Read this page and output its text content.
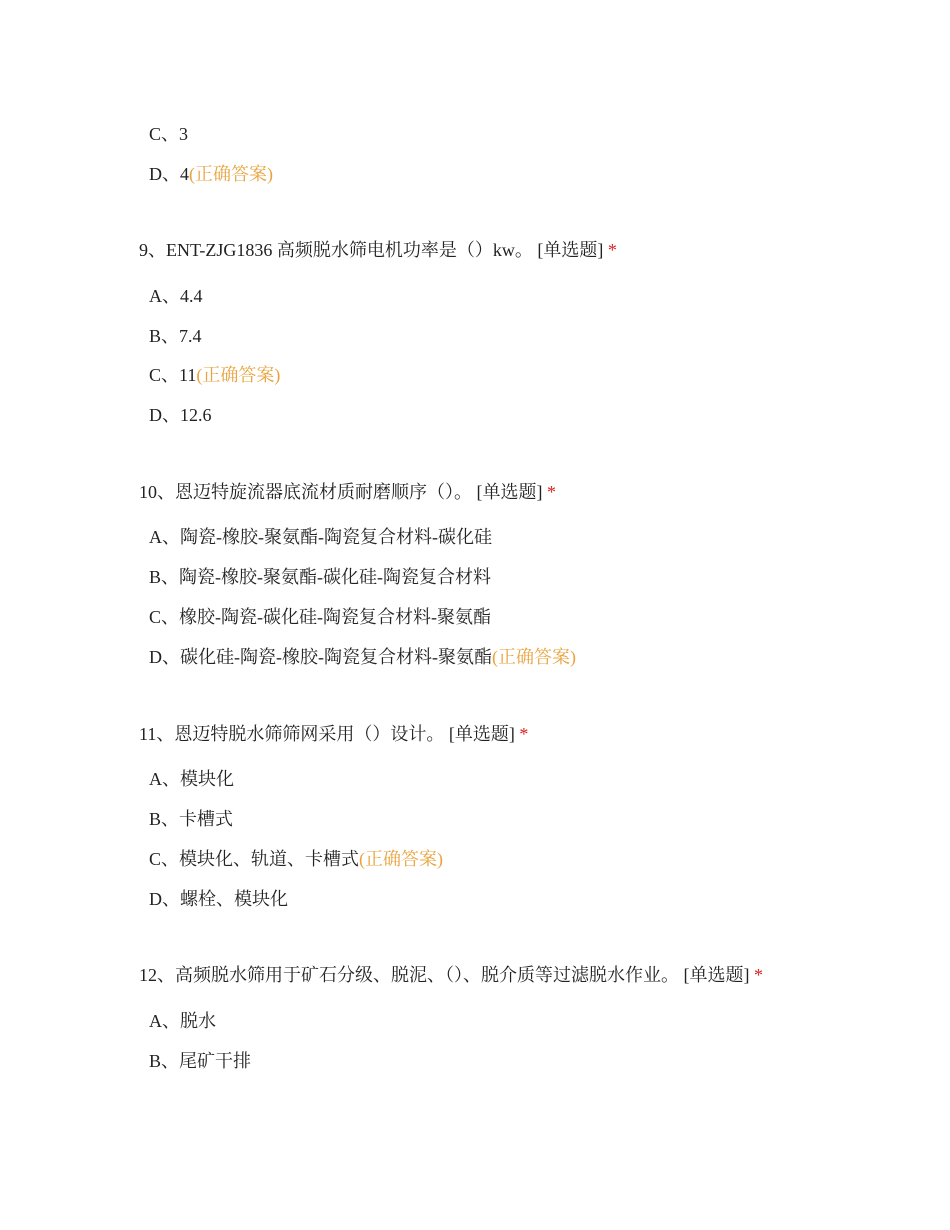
C、3
D、4(正确答案)
9、ENT-ZJG1836 高频脱水筛电机功率是（）kw。 [单选题] *
A、4.4
B、7.4
C、11(正确答案)
D、12.6
10、恩迈特旋流器底流材质耐磨顺序（）。 [单选题] *
A、陶瓷-橡胶-聚氨酯-陶瓷复合材料-碳化硅
B、陶瓷-橡胶-聚氨酯-碳化硅-陶瓷复合材料
C、橡胶-陶瓷-碳化硅-陶瓷复合材料-聚氨酯
D、碳化硅-陶瓷-橡胶-陶瓷复合材料-聚氨酯(正确答案)
11、恩迈特脱水筛筛网采用（）设计。 [单选题] *
A、模块化
B、卡槽式
C、模块化、轨道、卡槽式(正确答案)
D、螺栓、模块化
12、高频脱水筛用于矿石分级、脱泥、（）、脱介质等过滤脱水作业。 [单选题] *
A、脱水
B、尾矿干排
